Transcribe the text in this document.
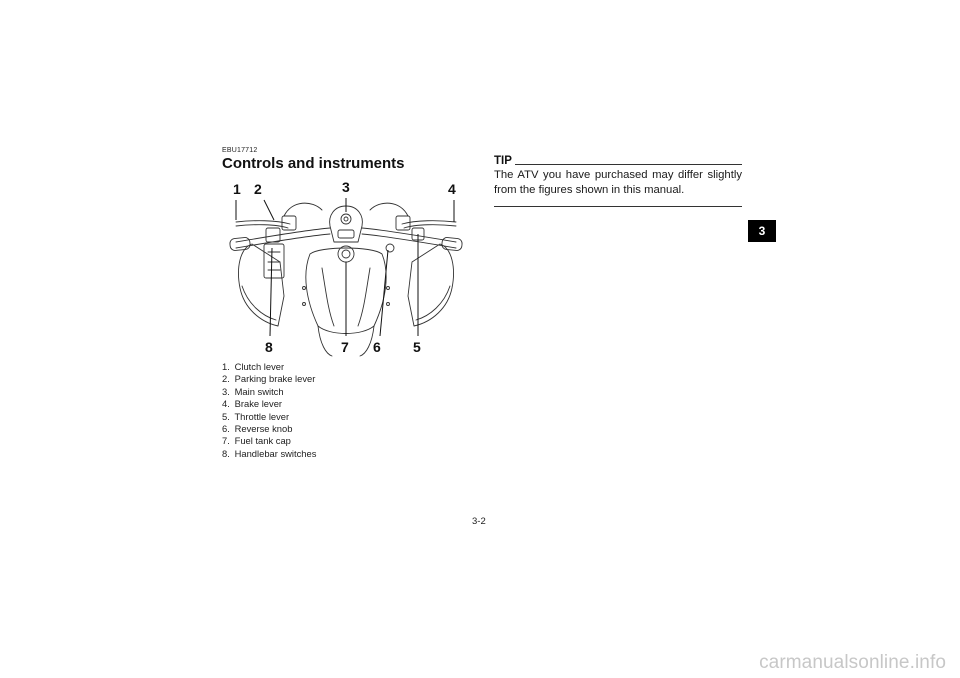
EBU17712
Controls and instruments
1 2	3	4
5
6
7
8
1. Clutch lever
2. Parking brake lever
3. Main switch
4. Brake lever
5. Throttle lever
6. Reverse knob
7. Fuel tank cap
8. Handlebar switches
TIP
The ATV you have purchased may differ slightly from the figures shown in this manual.
3
3-2
carmanualsonline.info
